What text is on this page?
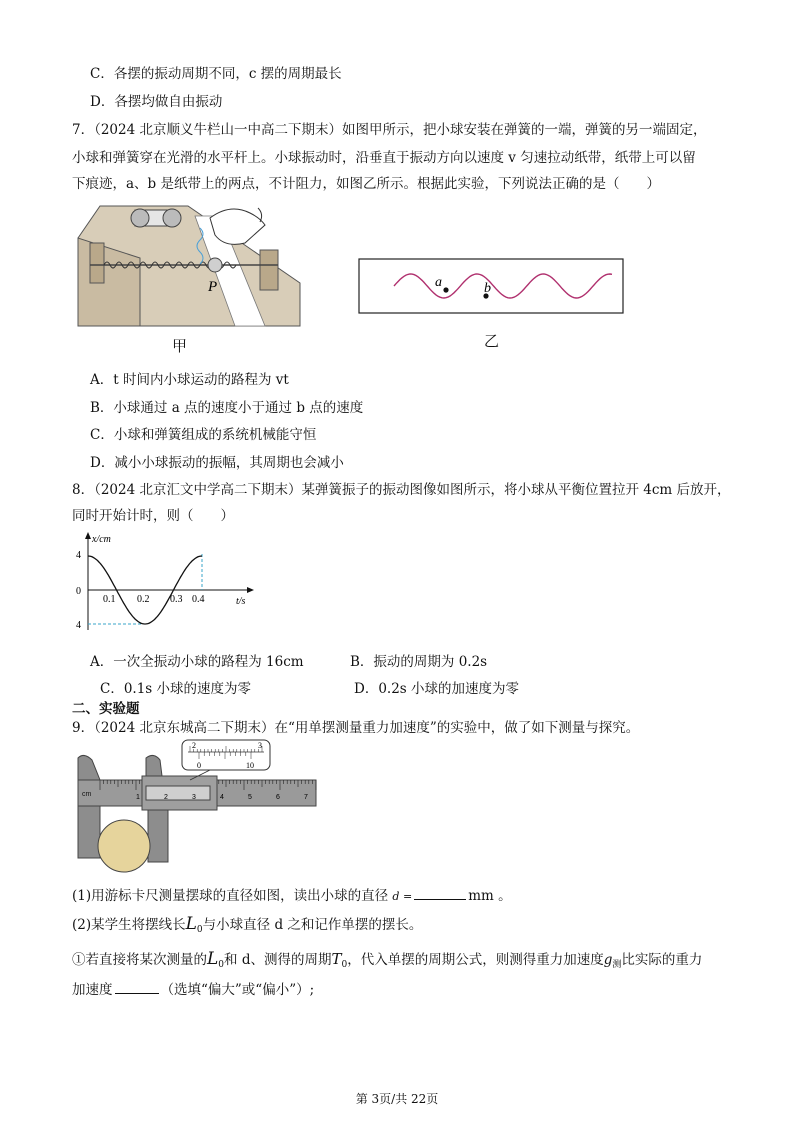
C．各摆的振动周期不同，c 摆的周期最长
D．各摆均做自由振动
7．（2024 北京顺义牛栏山一中高二下期末）如图甲所示，把小球安装在弹簧的一端，弹簧的另一端固定，
小球和弹簧穿在光滑的水平杆上。小球振动时，沿垂直于振动方向以速度 v 匀速拉动纸带，纸带上可以留
下痕迹，a、b 是纸带上的两点，不计阻力，如图乙所示。根据此实验，下列说法正确的是（　　）
P
甲
a	b
乙
A．t 时间内小球运动的路程为 vt
B．小球通过 a 点的速度小于通过 b 点的速度
C．小球和弹簧组成的系统机械能守恒
D．减小小球振动的振幅，其周期也会减小
8．（2024 北京汇文中学高二下期末）某弹簧振子的振动图像如图所示，将小球从平衡位置拉开 4cm 后放开，
同时开始计时，则（　　）
x/cm
4
0
4
0.1 0.2 0.3 0.4	t/s
A．一次全振动小球的路程为 16cm	B．振动的周期为 0.2s
C．0.1s 小球的速度为零	D．0.2s 小球的加速度为零
二、实验题
9．（2024 北京东城高二下期末）在“用单摆测量重力加速度”的实验中，做了如下测量与探究。
2	3
0	10
cm	1	2	3	4	5	6	7
(1)用游标卡尺测量摆球的直径如图，读出小球的直径 d =	mm 。
(2)某学生将摆线长$L_0$与小球直径 d 之和记作单摆的摆长。
①若直接将某次测量的$L_0$和 d、测得的周期$T_0$，代入单摆的周期公式，则测得重力加速度$g_测$比实际的重力
加速度	（选填“偏大”或“偏小”）;
第 3页/共 22页
